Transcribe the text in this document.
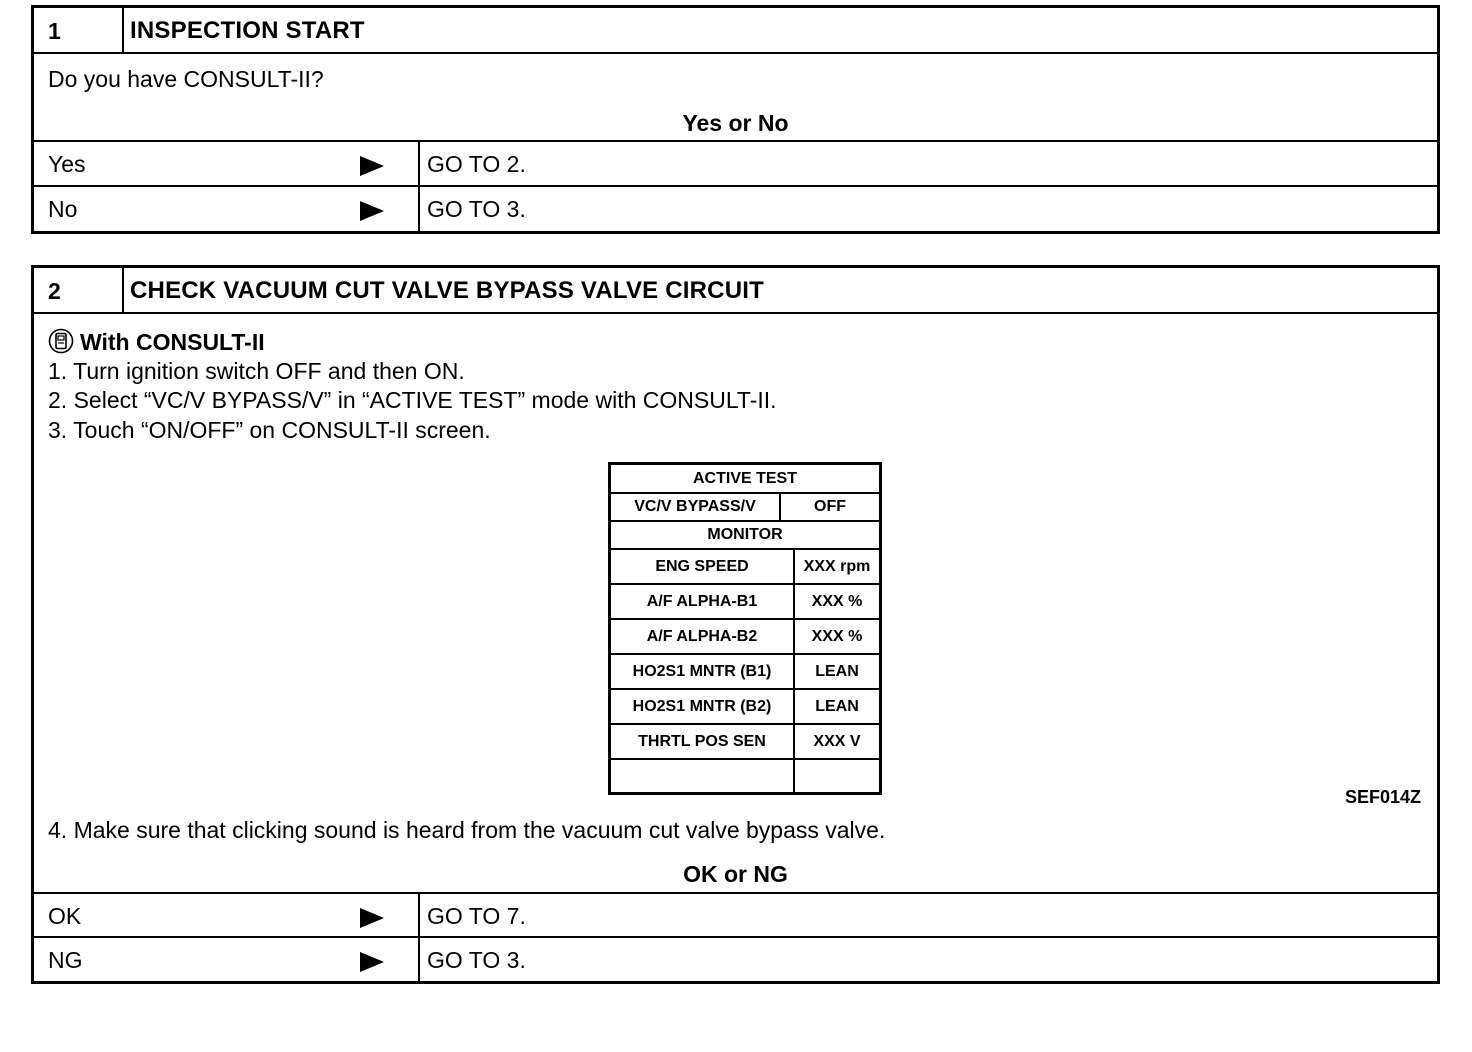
1	INSPECTION START
Do you have CONSULT-II?
Yes or No
Yes	GO TO 2.
No	GO TO 3.
2	CHECK VACUUM CUT VALVE BYPASS VALVE CIRCUIT
With CONSULT-II
1. Turn ignition switch OFF and then ON.
2. Select “VC/V BYPASS/V” in “ACTIVE TEST” mode with CONSULT-II.
3. Touch “ON/OFF” on CONSULT-II screen.
ACTIVE TEST
VC/V BYPASS/V	OFF
MONITOR
ENG SPEED	XXX rpm
A/F ALPHA-B1	XXX %
A/F ALPHA-B2	XXX %
HO2S1 MNTR (B1)	LEAN
HO2S1 MNTR (B2)	LEAN
THRTL POS SEN	XXX V
SEF014Z
4. Make sure that clicking sound is heard from the vacuum cut valve bypass valve.
OK or NG
OK	GO TO 7.
NG	GO TO 3.
